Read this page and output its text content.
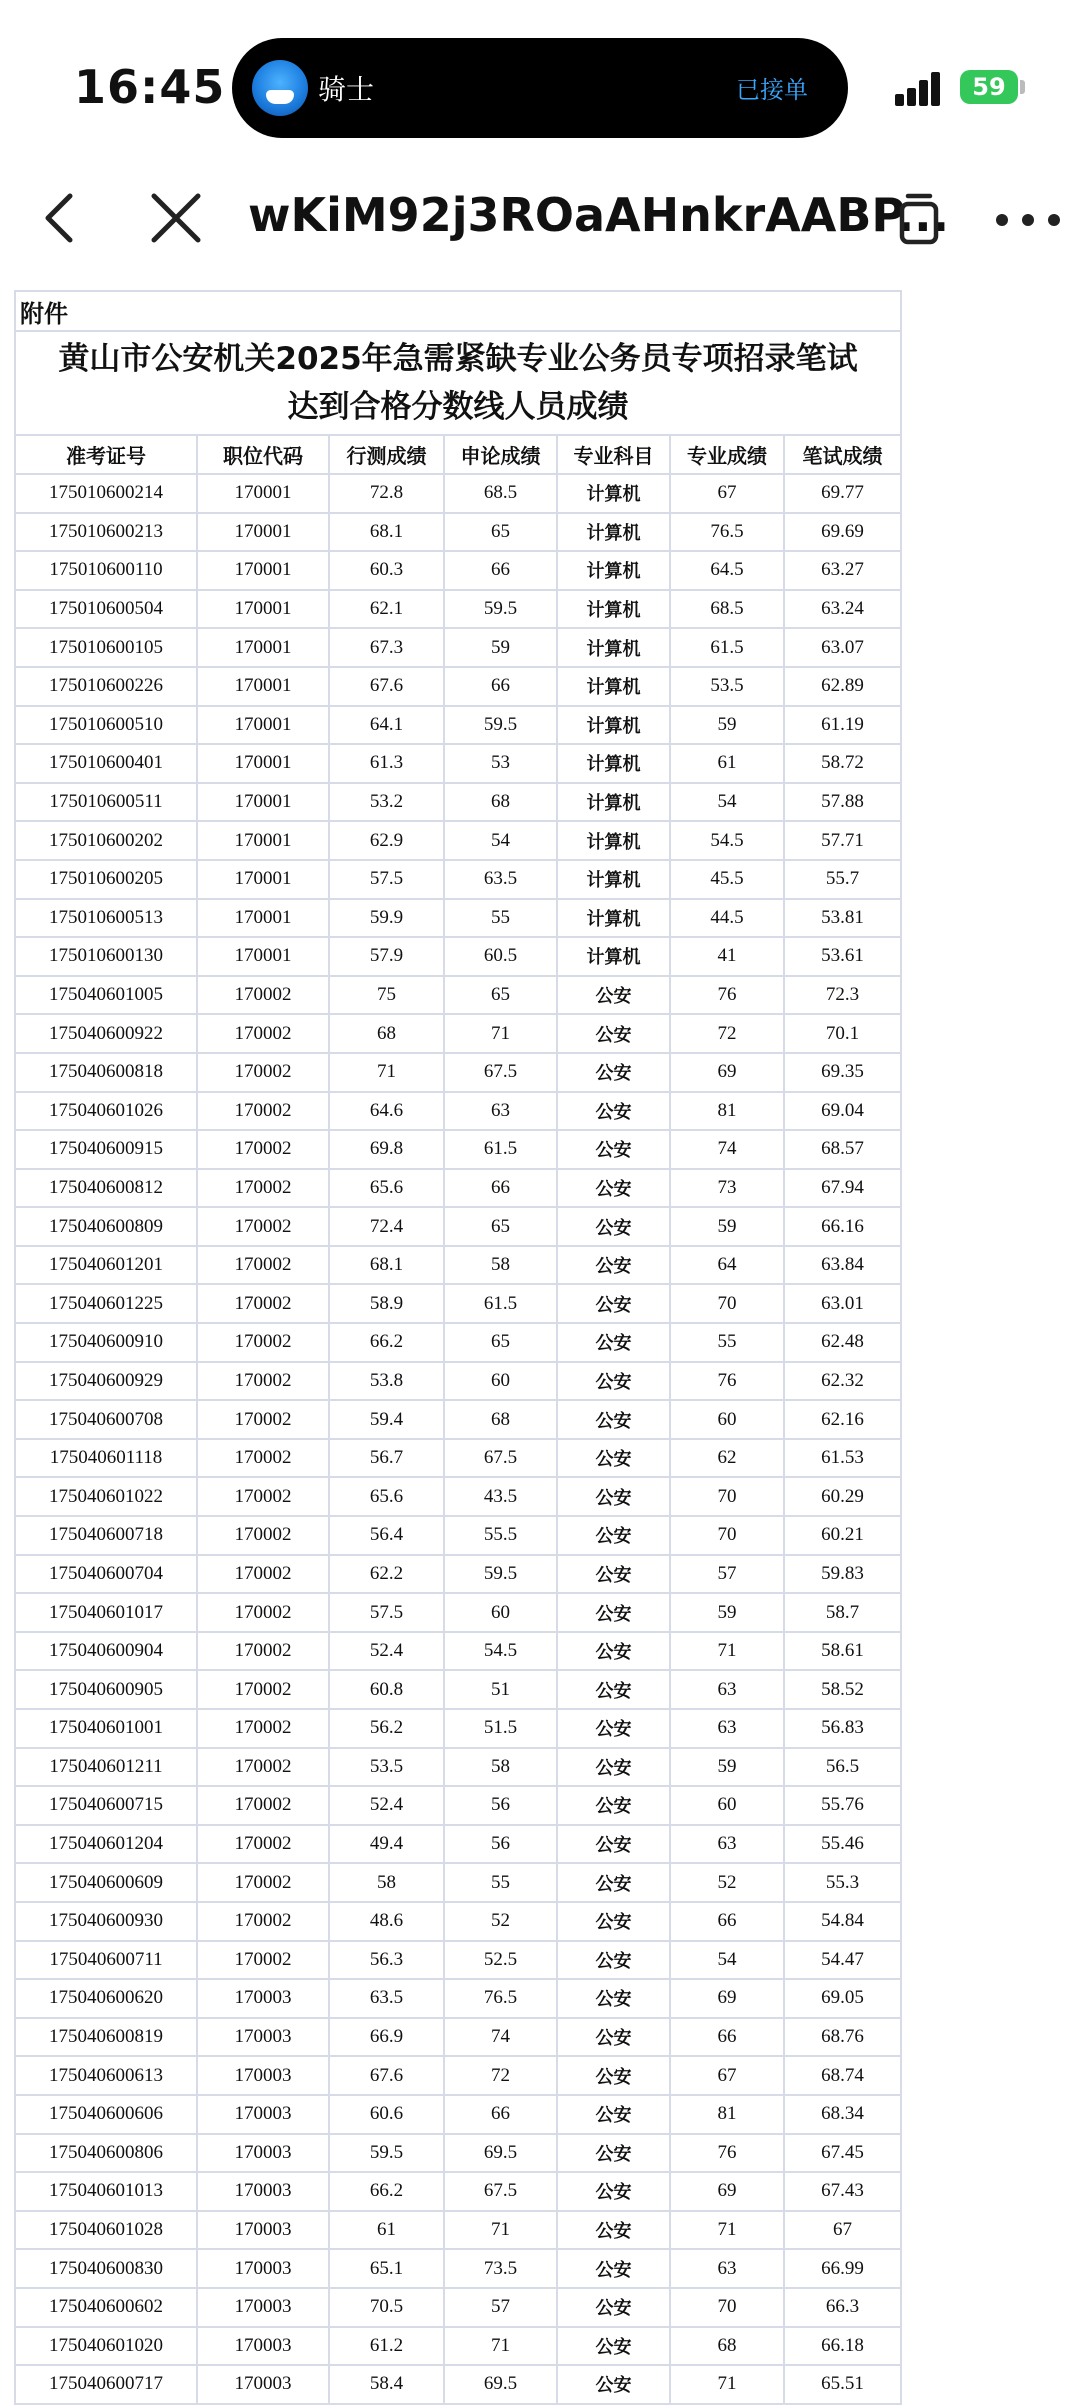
16:45	骑士	已接单	59
wKiM92j3ROaAHnkrAABP...
附件						

黄山市公安机关2025年急需紧缺专业公务员专项招录笔试
达到合格分数线人员成绩						

准考证号	职位代码	行测成绩	申论成绩	专业科目	专业成绩	笔试成绩
175010600214	170001	72.8	68.5	计算机	67	69.77
175010600213	170001	68.1	65	计算机	76.5	69.69
175010600110	170001	60.3	66	计算机	64.5	63.27
175010600504	170001	62.1	59.5	计算机	68.5	63.24
175010600105	170001	67.3	59	计算机	61.5	63.07
175010600226	170001	67.6	66	计算机	53.5	62.89
175010600510	170001	64.1	59.5	计算机	59	61.19
175010600401	170001	61.3	53	计算机	61	58.72
175010600511	170001	53.2	68	计算机	54	57.88
175010600202	170001	62.9	54	计算机	54.5	57.71
175010600205	170001	57.5	63.5	计算机	45.5	55.7
175010600513	170001	59.9	55	计算机	44.5	53.81
175010600130	170001	57.9	60.5	计算机	41	53.61
175040601005	170002	75	65	公安	76	72.3
175040600922	170002	68	71	公安	72	70.1
175040600818	170002	71	67.5	公安	69	69.35
175040601026	170002	64.6	63	公安	81	69.04
175040600915	170002	69.8	61.5	公安	74	68.57
175040600812	170002	65.6	66	公安	73	67.94
175040600809	170002	72.4	65	公安	59	66.16
175040601201	170002	68.1	58	公安	64	63.84
175040601225	170002	58.9	61.5	公安	70	63.01
175040600910	170002	66.2	65	公安	55	62.48
175040600929	170002	53.8	60	公安	76	62.32
175040600708	170002	59.4	68	公安	60	62.16
175040601118	170002	56.7	67.5	公安	62	61.53
175040601022	170002	65.6	43.5	公安	70	60.29
175040600718	170002	56.4	55.5	公安	70	60.21
175040600704	170002	62.2	59.5	公安	57	59.83
175040601017	170002	57.5	60	公安	59	58.7
175040600904	170002	52.4	54.5	公安	71	58.61
175040600905	170002	60.8	51	公安	63	58.52
175040601001	170002	56.2	51.5	公安	63	56.83
175040601211	170002	53.5	58	公安	59	56.5
175040600715	170002	52.4	56	公安	60	55.76
175040601204	170002	49.4	56	公安	63	55.46
175040600609	170002	58	55	公安	52	55.3
175040600930	170002	48.6	52	公安	66	54.84
175040600711	170002	56.3	52.5	公安	54	54.47
175040600620	170003	63.5	76.5	公安	69	69.05
175040600819	170003	66.9	74	公安	66	68.76
175040600613	170003	67.6	72	公安	67	68.74
175040600606	170003	60.6	66	公安	81	68.34
175040600806	170003	59.5	69.5	公安	76	67.45
175040601013	170003	66.2	67.5	公安	69	67.43
175040601028	170003	61	71	公安	71	67
175040600830	170003	65.1	73.5	公安	63	66.99
175040600602	170003	70.5	57	公安	70	66.3
175040601020	170003	61.2	71	公安	68	66.18
175040600717	170003	58.4	69.5	公安	71	65.51
